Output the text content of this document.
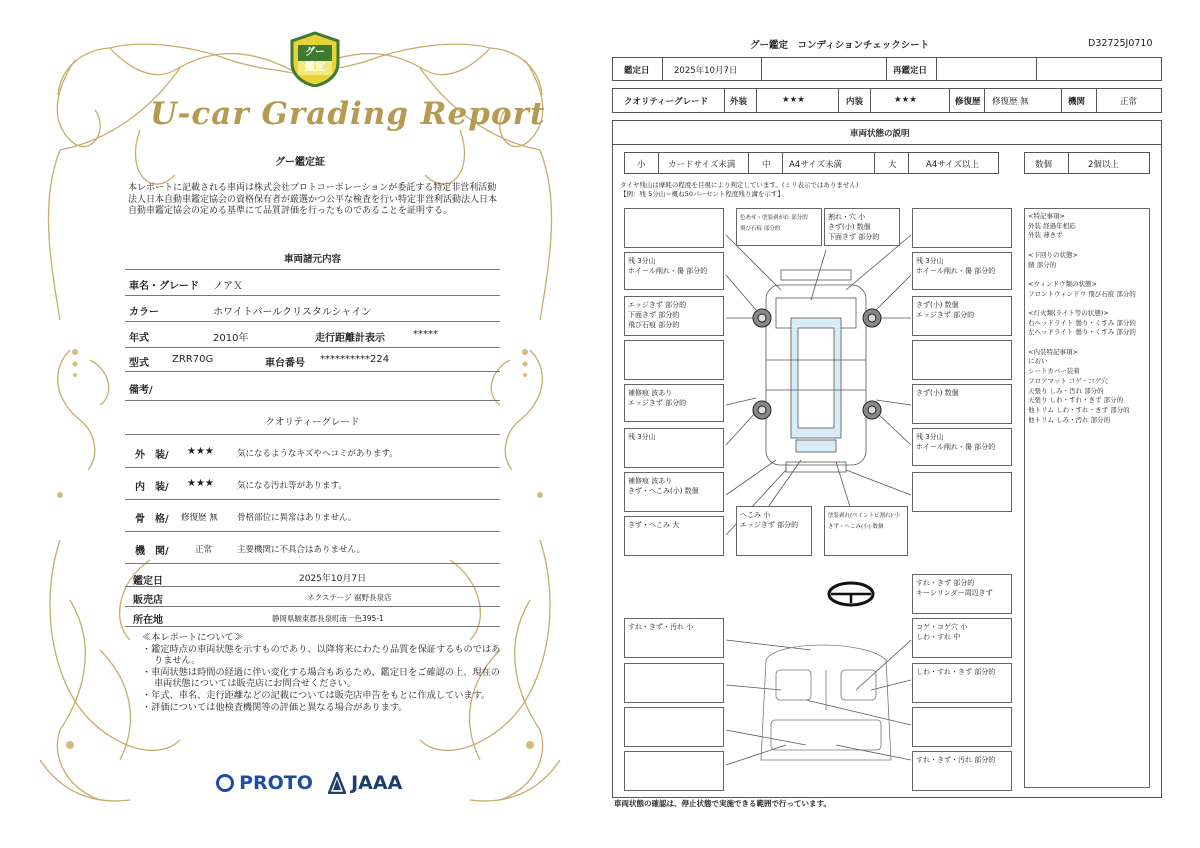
グー
鑑定
U-car Grading Report
グー鑑定証
本レポートに記載される車両は株式会社プロトコーポレーションが委託する特定非営利活動法人日本自動車鑑定協会の資格保有者が厳選かつ公平な検査を行い特定非営利活動法人日本自動車鑑定協会の定める基準にて品質評価を行ったものであることを証明する。
車両諸元内容
車名・グレード ノアＸ
カラー	ホワイトパールクリスタルシャイン
年式	2010年	走行距離計表示	*****
型式 ZRR70G	車台番号 **********224
備考/
クオリティーグレード
外　装/ ★★★	気になるようなキズやヘコミがあります。
内　装/ ★★★	気になる汚れ等があります。
骨　格/ 修復歴 無 骨格部位に異常はありません。
機　関/	正常	主要機関に不具合はありません。
鑑定日	2025年10月7日
販売店	ネクステージ 裾野長泉店
所在地	静岡県駿東郡長泉町南一色395-1
≪本レポートについて≫
・鑑定時点の車両状態を示すものであり、以降将来にわたり品質を保証するものではありません。
・車両状態は時間の経過に伴い変化する場合もあるため、鑑定日をご確認の上、現在の車両状態については販売店にお問合せください。
・年式、車名、走行距離などの記載については販売店申告をもとに作成しています。
・評価については他検査機関等の評価と異なる場合があります。
PROTO	JAAA
グー鑑定　コンディションチェックシート	D32725J0710
鑑定日	2025年10月7日	再鑑定日
クオリティーグレード	外装	★★★	内装	★★★	修復歴 修復歴 無	機関	正常
車両状態の説明
小	カードサイズ未満	中 A4サイズ未満	大	A4サイズ以上	数個	2個以上
タイヤ残山は摩耗の程度を目視により判定しています。(ミリ表示ではありません)
【例：残 5分山＝概ね50パーセント程度残り溝を示す】
色あせ・塗装剥がれ 部分的
飛び石痕 部分的
割れ・穴 小
きず(小) 数個
下面きず 部分的
残 3分山
ホイール削れ・傷 部分的
エッジきず 部分的
下面きず 部分的
飛び石痕 部分的
補修痕 波あり
エッジきず 部分的
残 3分山
補修痕 波あり
きず・へこみ(小) 数個
きず・へこみ 大
残 3分山
ホイール削れ・傷 部分的
きず(小) 数個
エッジきず 部分的
きず(小) 数個
残 3分山
ホイール削れ・傷 部分的
へこみ 小
エッジきず 部分的
塗装剥れ(ペイントビ割れ) 小
きず・へこみ(小) 数個
すれ・きず 部分的
キーシリンダー周辺きず
すれ・きず・汚れ 小	コゲ・コゲ穴 小
しわ・すれ 中
しわ・すれ・きず 部分的
すれ・きず・汚れ 部分的
<特記事項>
外装 経過年相応
外装 薄きず
<下回りの状態>
錆 部分的
<ウィンドウ類の状態>
フロントウィンドウ 飛び石痕 部分的
<灯火類(ライト等の状態)>
右ヘッドライト 曇り・くすみ 部分的
左ヘッドライト 曇り・くすみ 部分的
<内装特記事項>
におい
シートカバー装着
フロアマット コゲ・コゲ穴
天張り しみ・汚れ 部分的
天張り しわ・すれ・きず 部分的
他トリム しわ・すれ・きず 部分的
他トリム しみ・汚れ 部分的
車両状態の確認は、停止状態で実施できる範囲で行っています。
